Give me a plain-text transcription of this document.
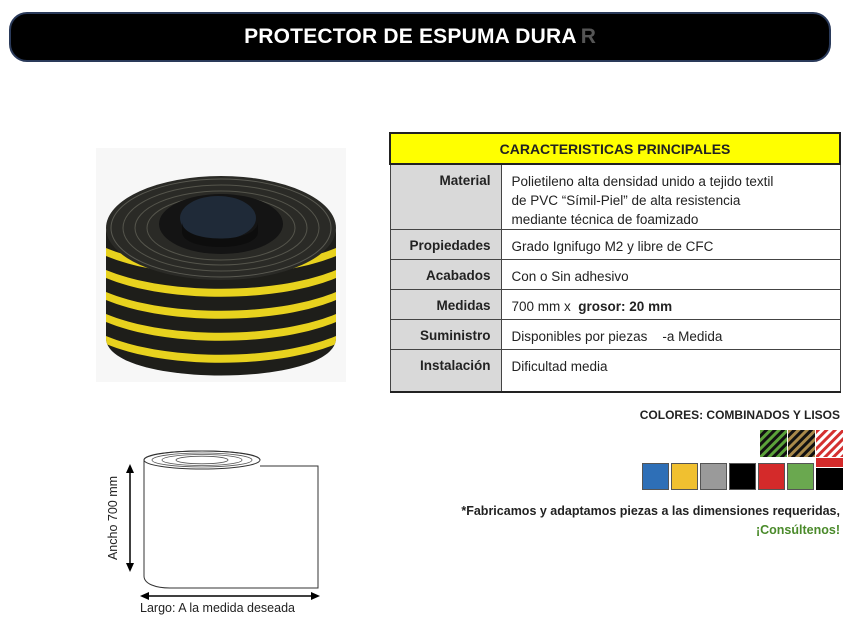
PROTECTOR DE ESPUMA DURA R
CARACTERISTICAS PRINCIPALES	
Material	Polietileno alta densidad unido a tejido textil
de PVC “Símil-Piel” de alta resistencia
mediante técnica de foamizado

Propiedades	Grado Ignifugo M2 y libre de CFC
Acabados	Con o Sin adhesivo
Medidas	700 mm x grosor: 20 mm
Suministro	Disponibles por piezas    -a Medida
Instalación	Dificultad media
COLORES: COMBINADOS Y LISOS
*Fabricamos y adaptamos piezas a las dimensiones requeridas,
¡Consúltenos!
Ancho 700 mm
Largo: A la medida deseada
